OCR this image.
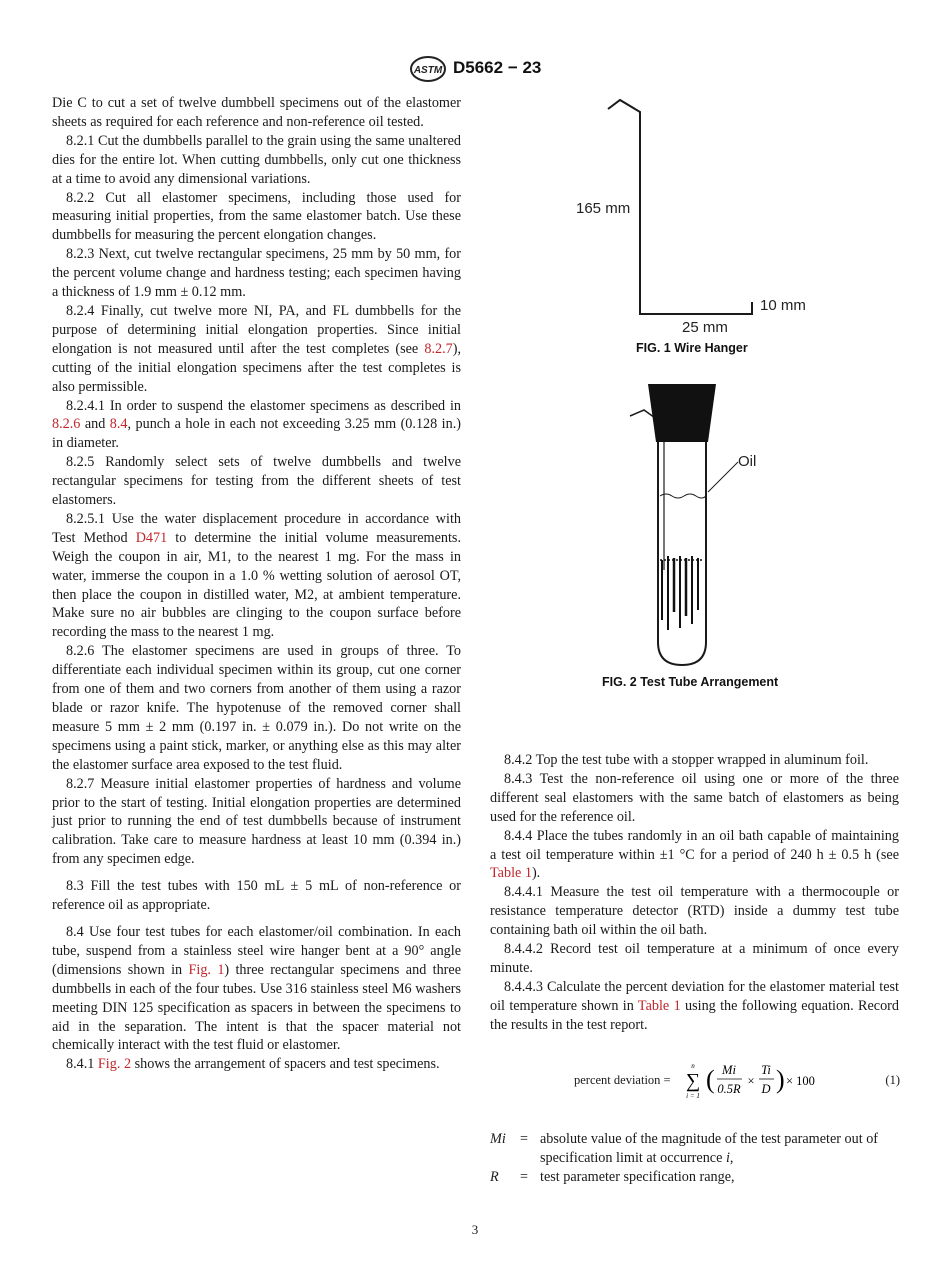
ASTM D5662 − 23

Die C to cut a set of twelve dumbbell specimens out of the elastomer sheets as required for each reference and non-reference oil tested.

8.2.1 Cut the dumbbells parallel to the grain using the same unaltered dies for the entire lot. When cutting dumbbells, only cut one thickness at a time to avoid any dimensional variations.

8.2.2 Cut all elastomer specimens, including those used for measuring initial properties, from the same elastomer batch. Use these dumbbells for measuring the percent elongation changes.

8.2.3 Next, cut twelve rectangular specimens, 25 mm by 50 mm, for the percent volume change and hardness testing; each specimen having a thickness of 1.9 mm ± 0.12 mm.

8.2.4 Finally, cut twelve more NI, PA, and FL dumbbells for the purpose of determining initial elongation properties. Since initial elongation is not measured until after the test completes (see 8.2.7), cutting of the initial elongation specimens after the test completes is also permissible.

8.2.4.1 In order to suspend the elastomer specimens as described in 8.2.6 and 8.4, punch a hole in each not exceeding 3.25 mm (0.128 in.) in diameter.

8.2.5 Randomly select sets of twelve dumbbells and twelve rectangular specimens for testing from the different sheets of test elastomers.

8.2.5.1 Use the water displacement procedure in accordance with Test Method D471 to determine the initial volume measurements. Weigh the coupon in air, M1, to the nearest 1 mg. For the mass in water, immerse the coupon in a 1.0 % wetting solution of aerosol OT, then place the coupon in distilled water, M2, at ambient temperature. Make sure no air bubbles are clinging to the coupon surface before recording the mass to the nearest 1 mg.

8.2.6 The elastomer specimens are used in groups of three. To differentiate each individual specimen within its group, cut one corner from one of them and two corners from another of them using a razor blade or razor knife. The hypotenuse of the removed corner shall measure 5 mm ± 2 mm (0.197 in. ± 0.079 in.). Do not write on the specimens using a paint stick, marker, or anything else as this may alter the elastomer surface area exposed to the test fluid.

8.2.7 Measure initial elastomer properties of hardness and volume prior to the start of testing. Initial elongation properties are determined just prior to running the end of test dumbbells because of instrument calibration. Take care to measure hardness at least 10 mm (0.394 in.) from any specimen edge.

8.3 Fill the test tubes with 150 mL ± 5 mL of non-reference or reference oil as appropriate.

8.4 Use four test tubes for each elastomer/oil combination. In each tube, suspend from a stainless steel wire hanger bent at a 90° angle (dimensions shown in Fig. 1) three rectangular specimens and three dumbbells in each of the four tubes. Use 316 stainless steel M6 washers meeting DIN 125 specification as spacers in between the specimens to aid in the separation. The intent is that the spacer material not chemically interact with the test fluid or elastomer.

8.4.1 Fig. 2 shows the arrangement of spacers and test specimens.

165 mm
10 mm
25 mm
FIG. 1 Wire Hanger
Oil
FIG. 2 Test Tube Arrangement

8.4.2 Top the test tube with a stopper wrapped in aluminum foil.

8.4.3 Test the non-reference oil using one or more of the three different seal elastomers with the same batch of elastomers as being used for the reference oil.

8.4.4 Place the tubes randomly in an oil bath capable of maintaining a test oil temperature within ±1 °C for a period of 240 h ± 0.5 h (see Table 1).

8.4.4.1 Measure the test oil temperature with a thermocouple or resistance temperature detector (RTD) inside a dummy test tube containing bath oil within the oil bath.

8.4.4.2 Record test oil temperature at a minimum of once every minute.

8.4.4.3 Calculate the percent deviation for the elastomer material test oil temperature shown in Table 1 using the following equation. Record the results in the test report.

percent deviation =
n
∑
i = 1
( Mi
0.5R
×
Ti
D ) × 100	(1)
Mi = absolute value of the magnitude of the test parameter out of specification limit at occurrence i,
R = test parameter specification range,
3
